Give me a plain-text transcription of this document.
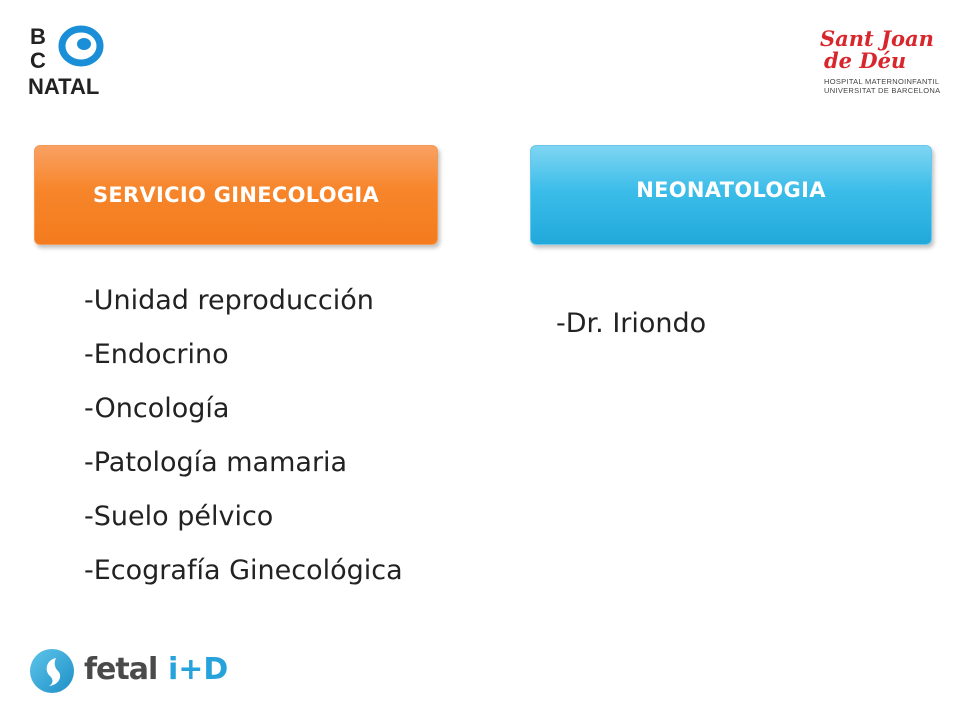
B
C
NATAL
Sant Joan
de Déu
HOSPITAL MATERNOINFANTIL
UNIVERSITAT DE BARCELONA
SERVICIO GINECOLOGIA	NEONATOLOGIA
-Unidad reproducción
-Endocrino
-Oncología
-Patología mamaria
-Suelo pélvico
-Ecografía Ginecológica
-Dr. Iriondo
fetal i+D
